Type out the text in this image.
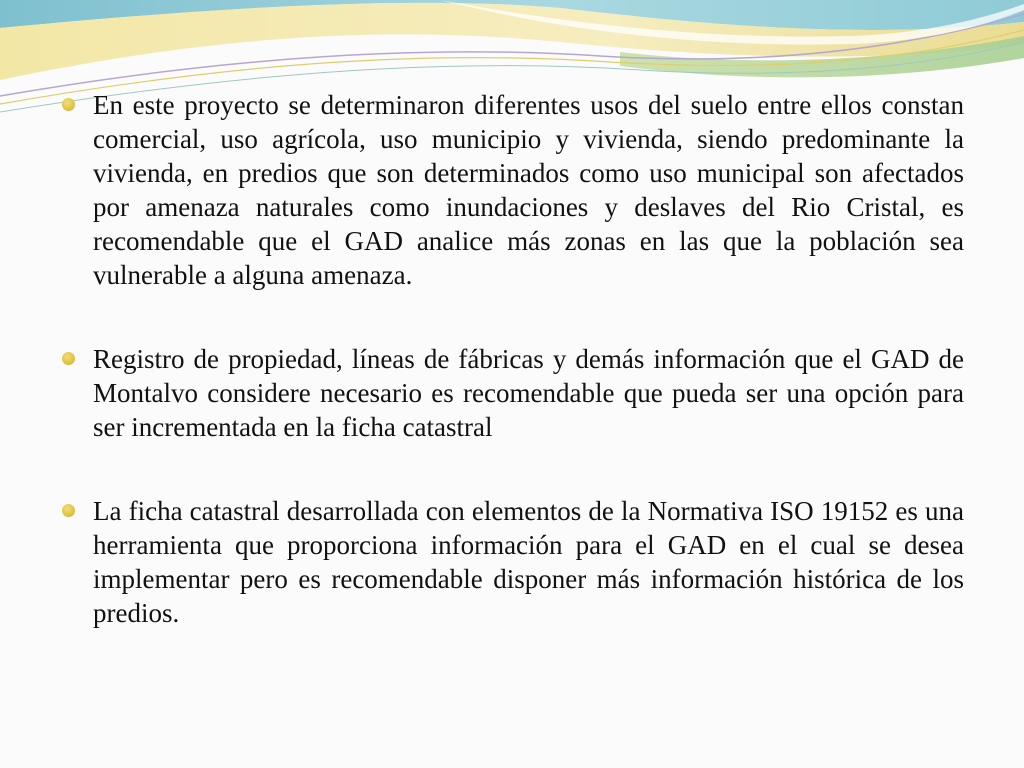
En este proyecto se determinaron diferentes usos del suelo entre ellos constan comercial, uso agrícola, uso municipio y vivienda, siendo predominante la vivienda, en predios que son determinados como uso municipal son afectados por amenaza naturales como inundaciones y deslaves del Rio Cristal, es recomendable que el GAD analice más zonas en las que la población sea vulnerable a alguna amenaza.
Registro de propiedad, líneas de fábricas y demás información que el GAD de Montalvo considere necesario es recomendable que pueda ser una opción para ser incrementada en la ficha catastral
La ficha catastral desarrollada con elementos de la Normativa ISO 19152 es una herramienta que proporciona información para el GAD en el cual se desea implementar pero es recomendable disponer más información histórica de los predios.
